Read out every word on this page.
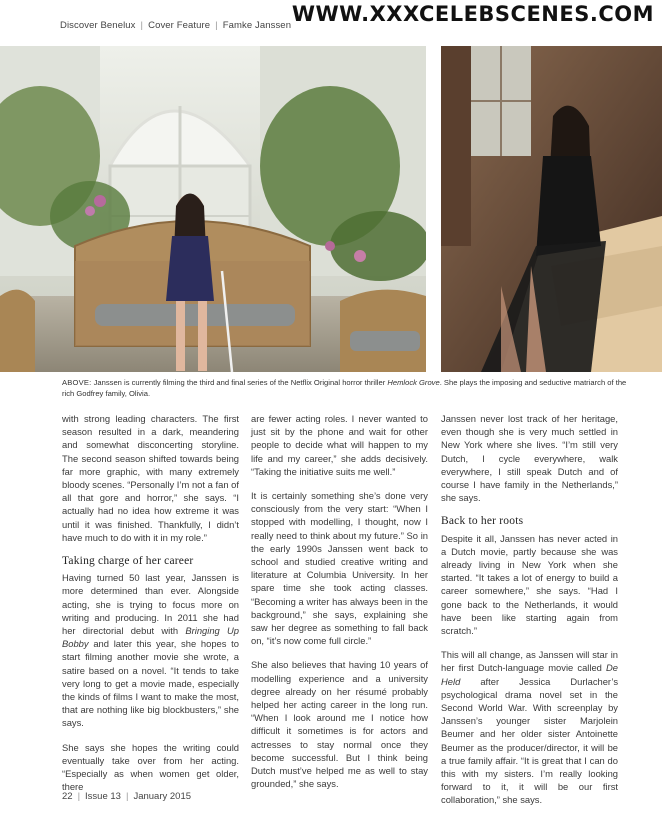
Discover Benelux | Cover Feature | Famke Janssen WWW.XXXCELEBSCENES.COM
ABOVE: Janssen is currently filming the third and final series of the Netflix Original horror thriller Hemlock Grove. She plays the imposing and seductive matriarch of the rich Godfrey family, Olivia.

with strong leading characters. The first season resulted in a dark, meandering and somewhat disconcerting storyline. The second season shifted towards being far more graphic, with many extremely bloody scenes. “Personally I’m not a fan of all that gore and horror,” she says. “I actually had no idea how extreme it was until it was finished. Thankfully, I didn’t have much to do with it in my role.”

Taking charge of her career

Having turned 50 last year, Janssen is more determined than ever. Alongside acting, she is trying to focus more on writing and producing. In 2011 she had her directorial debut with Bringing Up Bobby and later this year, she hopes to start filming another movie she wrote, a satire based on a novel. “It tends to take very long to get a movie made, especially the kinds of films I want to make the most, that are nothing like big blockbusters,” she says.

She says she hopes the writing could eventually take over from her acting. “Especially as when women get older, there

are fewer acting roles. I never wanted to just sit by the phone and wait for other people to decide what will happen to my life and my career,” she adds decisively. “Taking the initiative suits me well.”

It is certainly something she’s done very consciously from the very start: “When I stopped with modelling, I thought, now I really need to think about my future.” So in the early 1990s Janssen went back to school and studied creative writing and literature at Columbia University. In her spare time she took acting classes. “Becoming a writer has always been in the background,” she says, explaining she saw her degree as something to fall back on, “it’s now come full circle.”

She also believes that having 10 years of modelling experience and a university degree already on her résumé probably helped her acting career in the long run. “When I look around me I notice how difficult it sometimes is for actors and actresses to stay normal once they become successful. But I think being Dutch must’ve helped me as well to stay grounded,” she says.

Janssen never lost track of her heritage, even though she is very much settled in New York where she lives. “I’m still very Dutch, I cycle everywhere, walk everywhere, I still speak Dutch and of course I have family in the Netherlands,” she says.

Back to her roots

Despite it all, Janssen has never acted in a Dutch movie, partly because she was already living in New York when she started. “It takes a lot of energy to build a career somewhere,” she says. “Had I gone back to the Netherlands, it would have been like starting again from scratch.”

This will all change, as Janssen will star in her first Dutch-language movie called De Held after Jessica Durlacher’s psychological drama novel set in the Second World War. With screenplay by Janssen’s younger sister Marjolein Beumer and her older sister Antoinette Beumer as the producer/director, it will be a true family affair. “It is great that I can do this with my sisters. I’m really looking forward to it, it will be our first collaboration,” she says.

22 | Issue 13 | January 2015
